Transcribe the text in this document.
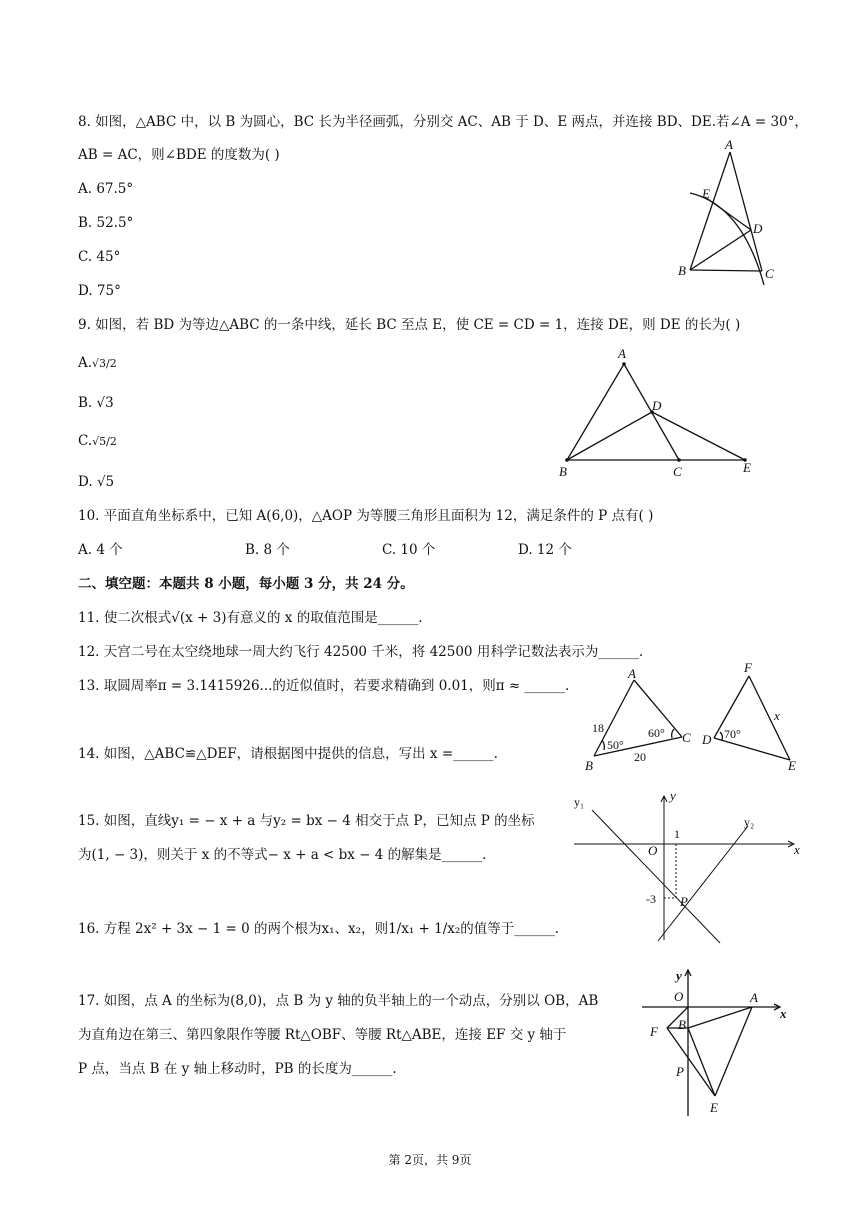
8. 如图，△ABC 中，以 B 为圆心，BC 长为半径画弧，分别交 AC、AB 于 D、E 两点，并连接 BD、DE.若∠A = 30°，
AB = AC，则∠BDE 的度数为( )
A. 67.5°
B. 52.5°
C. 45°
D. 75°
A
B	C
D
E
9. 如图，若 BD 为等边△ABC 的一条中线，延长 BC 至点 E，使 CE = CD = 1，连接 DE，则 DE 的长为( )
A.√3/2
B. √3
C.√5/2
D. √5
A
B	C
D
E
10. 平面直角坐标系中，已知 A(6,0)，△AOP 为等腰三角形且面积为 12，满足条件的 P 点有( )
A. 4 个	B. 8 个	C. 10 个	D. 12 个
二、填空题：本题共 8 小题，每小题 3 分，共 24 分。
11. 使二次根式√(x + 3)有意义的 x 的取值范围是______.
12. 天宫二号在太空绕地球一周大约飞行 42500 千米，将 42500 用科学记数法表示为______.
13. 取圆周率π = 3.1415926...的近似值时，若要求精确到 0.01，则π ≈ ______.
14. 如图，△ABC≌△DEF，请根据图中提供的信息，写出 x =______.
A
B
C
18
20
50°
60°
F
D
E
70°
x
15. 如图，直线y₁ = − x + a 与y₂ = bx − 4 相交于点 P，已知点 P 的坐标
为(1, − 3)，则关于 x 的不等式− x + a < bx − 4 的解集是______.
y₁
y₂
y
x
O
1
-3 P
16. 方程 2x² + 3x − 1 = 0 的两个根为x₁、x₂，则1/x₁ + 1/x₂的值等于______.
17. 如图，点 A 的坐标为(8,0)，点 B 为 y 轴的负半轴上的一个动点，分别以 OB，AB
为直角边在第三、第四象限作等腰 Rt△OBF、等腰 Rt△ABE，连接 EF 交 y 轴于
P 点，当点 B 在 y 轴上移动时，PB 的长度为______.
y
x
O	A
B
F
P
E
第 2页，共 9页
